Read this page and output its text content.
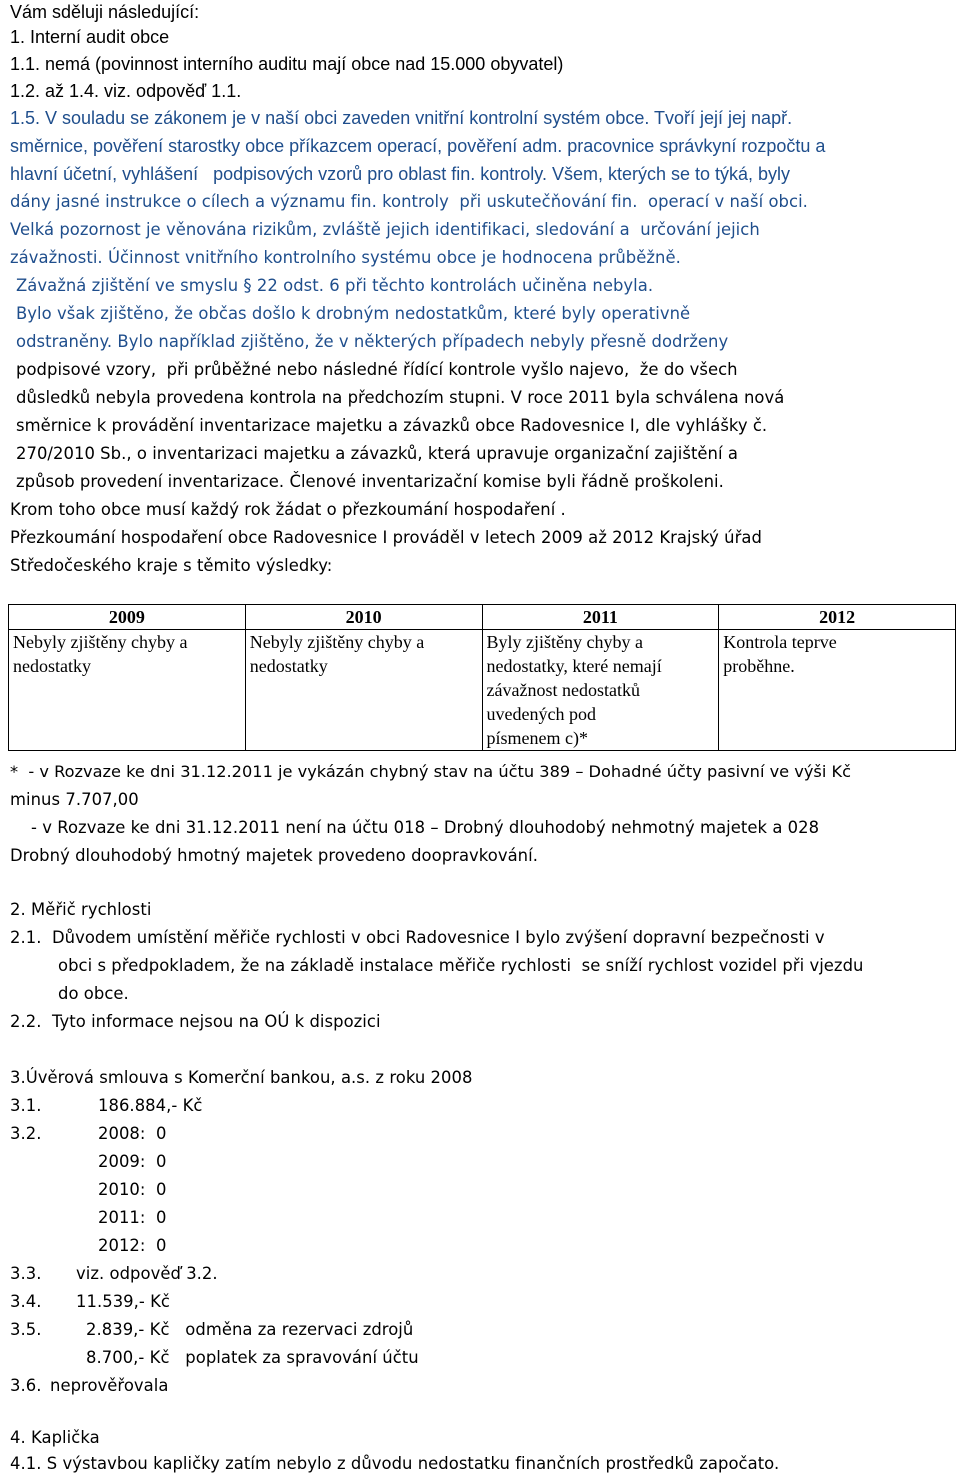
Vám sděluji následující:
1. Interní audit obce
1.1. nemá (povinnost interního auditu mají obce nad 15.000 obyvatel)
1.2. až 1.4. viz. odpověď 1.1.
1.5. V souladu se zákonem je v naší obci zaveden vnitřní kontrolní systém obce. Tvoří její jej např.
směrnice, pověření starostky obce příkazcem operací, pověření adm. pracovnice správkyní rozpočtu a
hlavní účetní, vyhlášení   podpisových vzorů pro oblast fin. kontroly. Všem, kterých se to týká, byly
dány jasné instrukce o cílech a významu fin. kontroly  při uskutečňování fin.  operací v naší obci.
Velká pozornost je věnována rizikům, zvláště jejich identifikaci, sledování a  určování jejich
závažnosti. Účinnost vnitřního kontrolního systému obce je hodnocena průběžně.
Závažná zjištění ve smyslu § 22 odst. 6 při těchto kontrolách učiněna nebyla.
Bylo však zjištěno, že občas došlo k drobným nedostatkům, které byly operativně
odstraněny. Bylo například zjištěno, že v některých případech nebyly přesně dodrženy
podpisové vzory,  při průběžné nebo následné řídící kontrole vyšlo najevo,  že do všech
důsledků nebyla provedena kontrola na předchozím stupni. V roce 2011 byla schválena nová
směrnice k provádění inventarizace majetku a závazků obce Radovesnice I, dle vyhlášky č.
270/2010 Sb., o inventarizaci majetku a závazků, která upravuje organizační zajištění a
způsob provedení inventarizace. Členové inventarizační komise byli řádně proškoleni.
Krom toho obce musí každý rok žádat o přezkoumání hospodaření .
Přezkoumání hospodaření obce Radovesnice I prováděl v letech 2009 až 2012 Krajský úřad
Středočeského kraje s těmito výsledky:
2009	2010	2011	2012

Nebyly zjištěny chyby a
nedostatky	Nebyly zjištěny chyby a
nedostatky	Byly zjištěny chyby a
nedostatky, které nemají
závažnost nedostatků
uvedených pod
písmenem c)*	Kontrola teprve
proběhne.
*  - v Rozvaze ke dni 31.12.2011 je vykázán chybný stav na účtu 389 – Dohadné účty pasivní ve výši Kč
minus 7.707,00
- v Rozvaze ke dni 31.12.2011 není na účtu 018 – Drobný dlouhodobý nehmotný majetek a 028
Drobný dlouhodobý hmotný majetek provedeno doopravkování.
2. Měřič rychlosti
2.1.  Důvodem umístění měřiče rychlosti v obci Radovesnice I bylo zvýšení dopravní bezpečnosti v
obci s předpokladem, že na základě instalace měřiče rychlosti  se sníží rychlost vozidel při vjezdu
do obce.
2.2.  Tyto informace nejsou na OÚ k dispozici
3.Úvěrová smlouva s Komerční bankou, a.s. z roku 2008
3.1.	186.884,- Kč
3.2.	2008:  0
2009:  0
2010:  0
2011:  0
2012:  0
3.3. viz. odpověď 3.2.
3.4. 11.539,- Kč
3.5.	2.839,- Kč   odměna za rezervaci zdrojů
8.700,- Kč   poplatek za spravování účtu
3.6. neprověřovala
4. Kaplička
4.1. S výstavbou kapličky zatím nebylo z důvodu nedostatku finančních prostředků započato.
